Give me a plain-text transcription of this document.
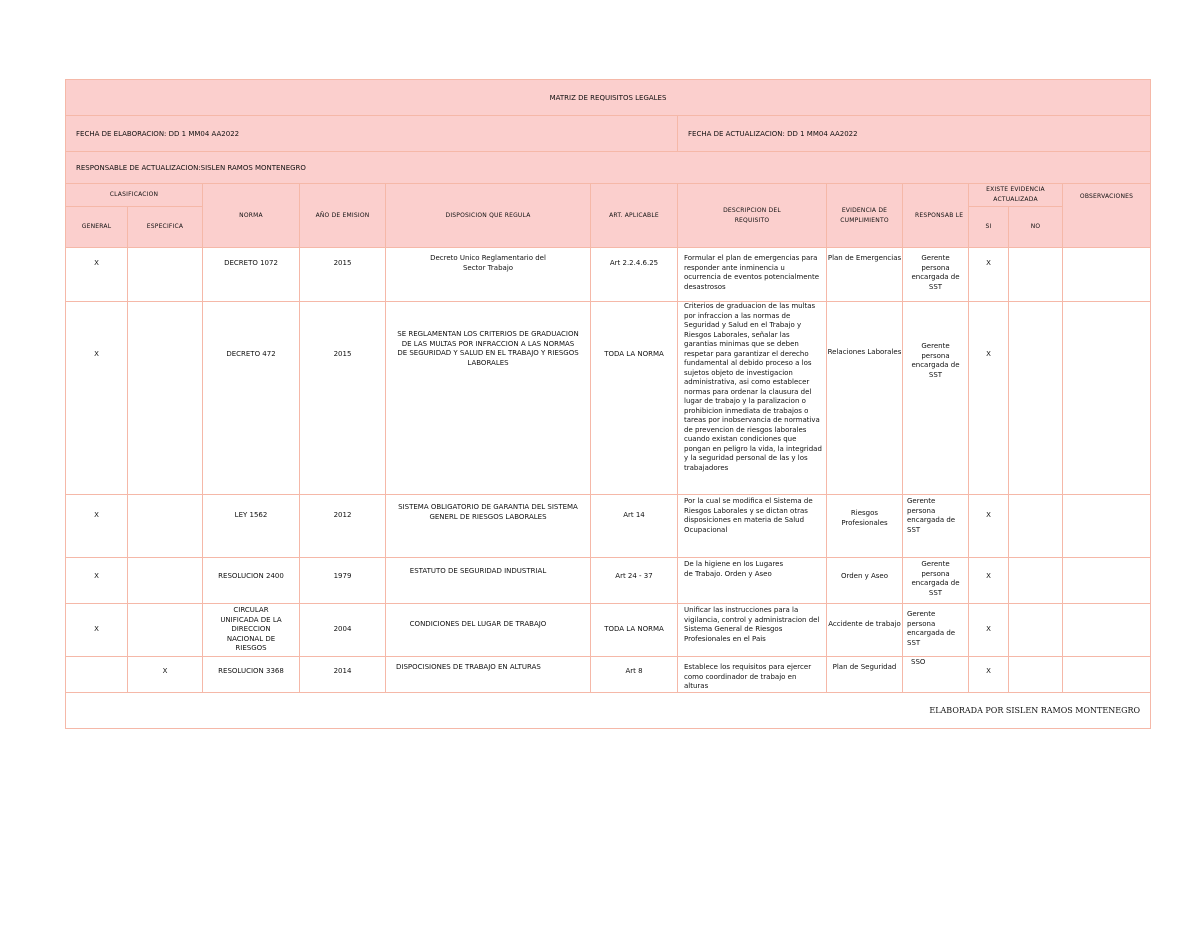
MATRIZ DE REQUISITOS LEGALES											
FECHA DE ELABORACION: DD 1 MM04 AA2022						FECHA DE ACTUALIZACION: DD 1 MM04 AA2022					
RESPONSABLE DE ACTUALIZACION:SISLEN RAMOS MONTENEGRO											
CLASIFICACION		NORMA	AÑO DE EMISION	DISPOSICION QUE REGULA	ART. APLICABLE	DESCRIPCION DEL REQUISITO	EVIDENCIA DE CUMPLIMIENTO	RESPONSAB LE	EXISTE EVIDENCIA ACTUALIZADA		OBSERVACIONES
GENERAL	ESPECIFICA								SI	NO	
X		DECRETO 1072	2015	Decreto Unico Reglamentario del Sector Trabajo	Art 2.2.4.6.25	Formular el plan de emergencias para responder ante inminencia u ocurrencia de eventos potencialmente desastrosos	Plan de Emergencias	Gerente persona encargada de SST	X		
X		DECRETO 472	2015	SE REGLAMENTAN LOS CRITERIOS DE GRADUACION DE LAS MULTAS POR INFRACCION A LAS NORMAS DE SEGURIDAD Y SALUD EN EL TRABAJO Y RIESGOS LABORALES	TODA LA NORMA	Criterios de graduacion de las multas por infraccion a las normas de Seguridad y Salud en el Trabajo y Riesgos Laborales, señalar las garantias minimas que se deben respetar para garantizar el derecho fundamental al debido proceso a los sujetos objeto de investigacion administrativa, asi como establecer normas para ordenar la clausura del lugar de trabajo y la paralizacion o prohibicion inmediata de trabajos o tareas por inobservancia de normativa de prevencion de riesgos laborales cuando existan condiciones que pongan en peligro la vida, la integridad y la seguridad personal de las y los trabajadores	Relaciones Laborales	Gerente persona encargada de SST	X		
X		LEY 1562	2012	SISTEMA OBLIGATORIO DE GARANTIA DEL SISTEMA GENERL DE RIESGOS LABORALES	Art 14	Por la cual se modifica el Sistema de Riesgos Laborales y se dictan otras disposiciones en materia de Salud Ocupacional	Riesgos Profesionales	Gerente persona encargada de SST	X		
X		RESOLUCION 2400	1979	ESTATUTO DE SEGURIDAD INDUSTRIAL	Art 24 - 37	De la higiene en los Lugares de Trabajo. Orden y Aseo	Orden y Aseo	Gerente persona encargada de SST	X		
X		CIRCULAR UNIFICADA DE LA DIRECCION NACIONAL DE RIESGOS	2004	CONDICIONES DEL LUGAR DE TRABAJO	TODA LA NORMA	Unificar las instrucciones para la vigilancia, control y administracion del Sistema General de Riesgos Profesionales en el Pais	Accidente de trabajo	Gerente persona encargada de SST	X		
	X	RESOLUCION 3368	2014	DISPOCISIONES DE TRABAJO EN ALTURAS	Art 8	Establece los requisitos para ejercer como coordinador de trabajo en alturas	Plan de Seguridad	SSO	X		
ELABORADA POR SISLEN RAMOS MONTENEGRO											
